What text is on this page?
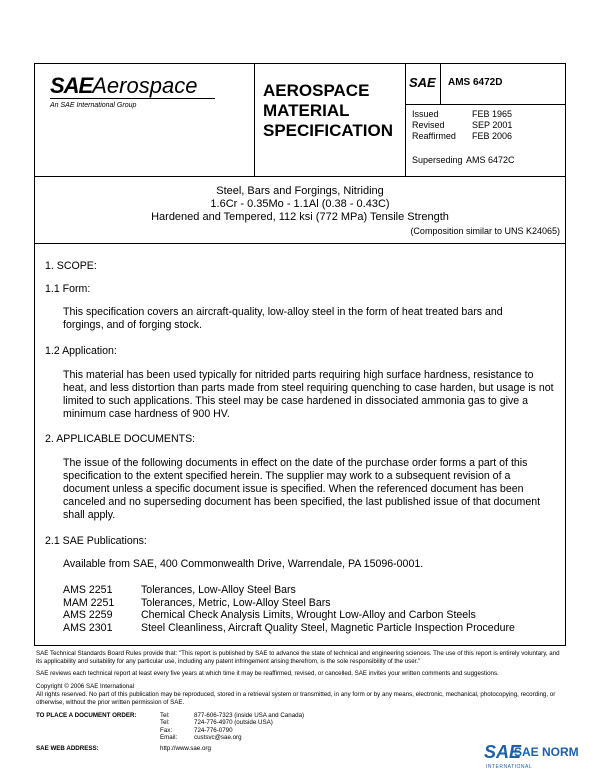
SAEAerospace
An SAE International Group
AEROSPACE
MATERIAL
SPECIFICATION
SAE AMS 6472D
Issued	FEB 1965
Revised	SEP 2001
Reaffirmed FEB 2006
Superseding AMS 6472C
Steel, Bars and Forgings, Nitriding
1.6Cr - 0.35Mo - 1.1Al (0.38 - 0.43C)
Hardened and Tempered, 112 ksi (772 MPa) Tensile Strength
(Composition similar to UNS K24065)
1. SCOPE:
1.1 Form:
This specification covers an aircraft-quality, low-alloy steel in the form of heat treated bars and forgings, and of forging stock.
1.2 Application:
This material has been used typically for nitrided parts requiring high surface hardness, resistance to heat, and less distortion than parts made from steel requiring quenching to case harden, but usage is not limited to such applications. This steel may be case hardened in dissociated ammonia gas to give a minimum case hardness of 900 HV.
2. APPLICABLE DOCUMENTS:
The issue of the following documents in effect on the date of the purchase order forms a part of this specification to the extent specified herein. The supplier may work to a subsequent revision of a document unless a specific document issue is specified. When the referenced document has been canceled and no superseding document has been specified, the last published issue of that document shall apply.
2.1 SAE Publications:
Available from SAE, 400 Commonwealth Drive, Warrendale, PA 15096-0001.
AMS 2251	Tolerances, Low-Alloy Steel Bars
MAM 2251	Tolerances, Metric, Low-Alloy Steel Bars
AMS 2259	Chemical Check Analysis Limits, Wrought Low-Alloy and Carbon Steels
AMS 2301	Steel Cleanliness, Aircraft Quality Steel, Magnetic Particle Inspection Procedure
SAE Technical Standards Board Rules provide that: "This report is published by SAE to advance the state of technical and engineering sciences. The use of this report is entirely voluntary, and its applicability and suitability for any particular use, including any patent infringement arising therefrom, is the sole responsibility of the user."
SAE reviews each technical report at least every five years at which time it may be reaffirmed, revised, or cancelled. SAE invites your written comments and suggestions.
Copyright © 2006 SAE International
All rights reserved. No part of this publication may be reproduced, stored in a retrieval system or transmitted, in any form or by any means, electronic, mechanical, photocopying, recording, or otherwise, without the prior written permission of SAE.
TO PLACE A DOCUMENT ORDER:	Tel:	877-606-7323 (inside USA and Canada)
Tel:	724-776-4970 (outside USA)
Fax:	724-776-0790
Email:	custsvc@sae.org
SAE WEB ADDRESS:	http://www.sae.org	SAE
SAE NORM
INTERNATIONAL
